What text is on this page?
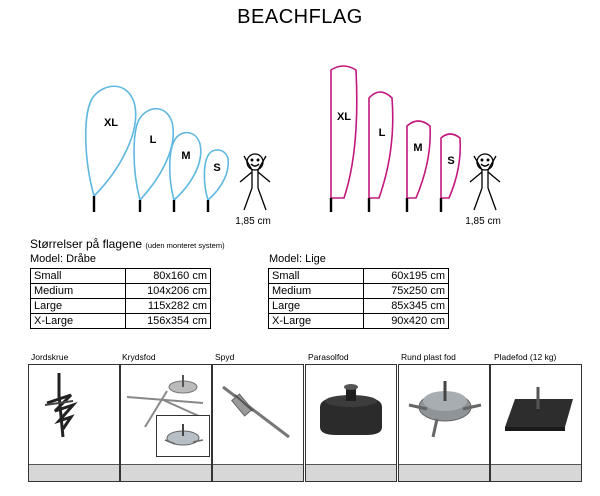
BEACHFLAG
XL
L
M
S
1,85 cm
XL
L
M
S
1,85 cm
Størrelser på flagene (uden monteret system)
Model: Dråbe
Small	80x160 cm
Medium	104x206 cm
Large	115x282 cm
X-Large	156x354 cm
Model: Lige
Small	60x195 cm
Medium	75x250 cm
Large	85x345 cm
X-Large	90x420 cm
Jordskrue	Krydsfod	Spyd	Parasolfod	Rund plast fod	Pladefod (12 kg)
